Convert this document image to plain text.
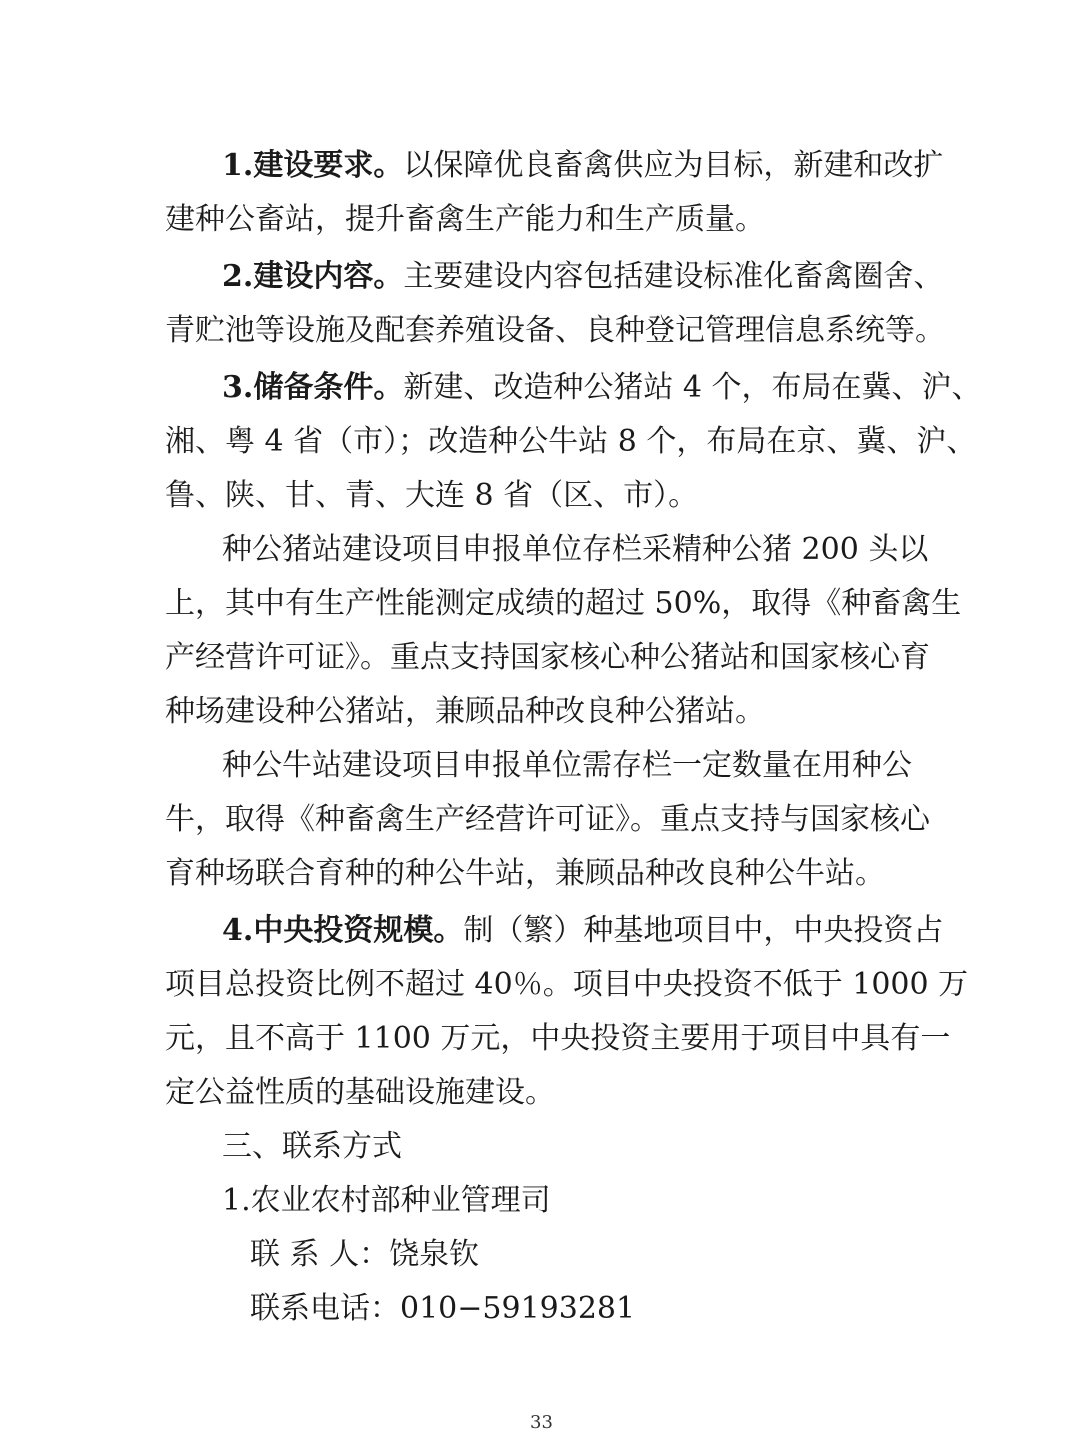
1.建设要求。以保障优良畜禽供应为目标，新建和改扩
建种公畜站，提升畜禽生产能力和生产质量。
2.建设内容。主要建设内容包括建设标准化畜禽圈舍、
青贮池等设施及配套养殖设备、良种登记管理信息系统等。
3.储备条件。新建、改造种公猪站 4 个，布局在冀、沪、
湘、粤 4 省（市）；改造种公牛站 8 个，布局在京、冀、沪、
鲁、陕、甘、青、大连 8 省（区、市）。
种公猪站建设项目申报单位存栏采精种公猪 200 头以
上，其中有生产性能测定成绩的超过 50%，取得《种畜禽生
产经营许可证》。重点支持国家核心种公猪站和国家核心育
种场建设种公猪站，兼顾品种改良种公猪站。
种公牛站建设项目申报单位需存栏一定数量在用种公
牛，取得《种畜禽生产经营许可证》。重点支持与国家核心
育种场联合育种的种公牛站，兼顾品种改良种公牛站。
4.中央投资规模。制（繁）种基地项目中，中央投资占
项目总投资比例不超过 40％。项目中央投资不低于 1000 万
元，且不高于 1100 万元，中央投资主要用于项目中具有一
定公益性质的基础设施建设。
三、联系方式
1.农业农村部种业管理司
联 系 人：饶泉钦
联系电话：010−59193281
33
